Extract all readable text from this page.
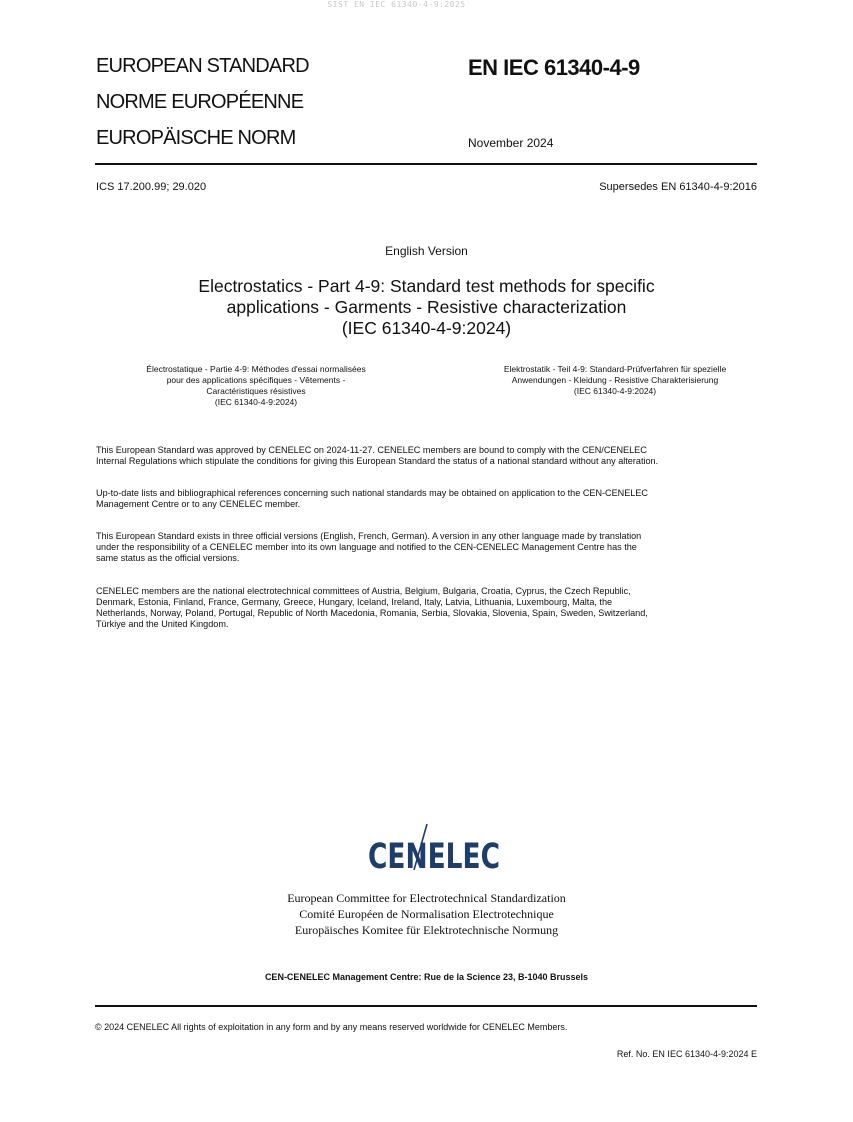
SIST EN IEC 61340-4-9:2025
EUROPEAN STANDARD
NORME EUROPÉENNE
EUROPÄISCHE NORM
EN IEC 61340-4-9
November 2024
ICS 17.200.99; 29.020	Supersedes EN 61340-4-9:2016
English Version
Electrostatics - Part 4-9: Standard test methods for specific
applications - Garments - Resistive characterization
(IEC 61340-4-9:2024)
Électrostatique - Partie 4-9: Méthodes d'essai normalisées
pour des applications spécifiques - Vêtements -
Caractéristiques résistives
(IEC 61340-4-9:2024)
Elektrostatik - Teil 4-9: Standard-Prüfverfahren für spezielle
Anwendungen - Kleidung - Resistive Charakterisierung
(IEC 61340-4-9:2024)
This European Standard was approved by CENELEC on 2024-11-27. CENELEC members are bound to comply with the CEN/CENELEC
Internal Regulations which stipulate the conditions for giving this European Standard the status of a national standard without any alteration.
Up-to-date lists and bibliographical references concerning such national standards may be obtained on application to the CEN-CENELEC
Management Centre or to any CENELEC member.
This European Standard exists in three official versions (English, French, German). A version in any other language made by translation
under the responsibility of a CENELEC member into its own language and notified to the CEN-CENELEC Management Centre has the
same status as the official versions.
CENELEC members are the national electrotechnical committees of Austria, Belgium, Bulgaria, Croatia, Cyprus, the Czech Republic,
Denmark, Estonia, Finland, France, Germany, Greece, Hungary, Iceland, Ireland, Italy, Latvia, Lithuania, Luxembourg, Malta, the
Netherlands, Norway, Poland, Portugal, Republic of North Macedonia, Romania, Serbia, Slovakia, Slovenia, Spain, Sweden, Switzerland,
Türkiye and the United Kingdom.
CENELEC
European Committee for Electrotechnical Standardization
Comité Européen de Normalisation Electrotechnique
Europäisches Komitee für Elektrotechnische Normung
CEN-CENELEC Management Centre: Rue de la Science 23, B-1040 Brussels
© 2024 CENELEC All rights of exploitation in any form and by any means reserved worldwide for CENELEC Members.
Ref. No. EN IEC 61340-4-9:2024 E
